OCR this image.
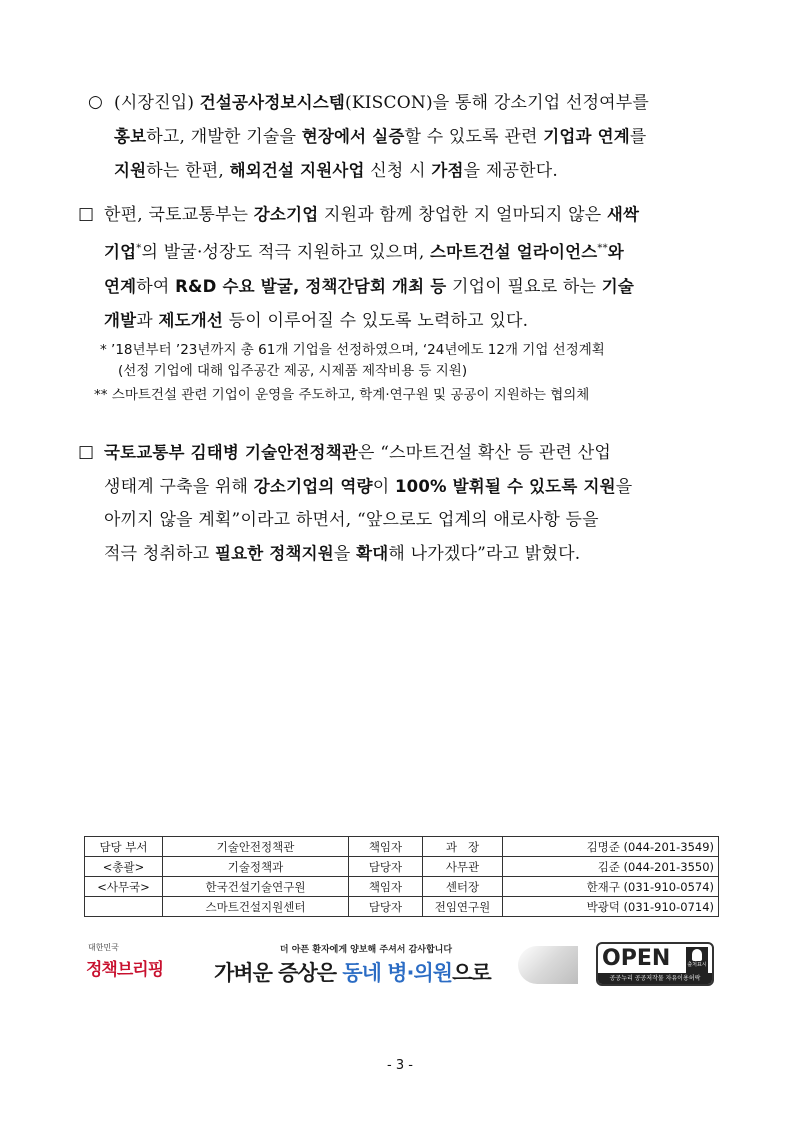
○ (시장진입) 건설공사정보시스템(KISCON)을 통해 강소기업 선정여부를
홍보하고, 개발한 기술을 현장에서 실증할 수 있도록 관련 기업과 연계를
지원하는 한편, 해외건설 지원사업 신청 시 가점을 제공한다.
□ 한편, 국토교통부는 강소기업 지원과 함께 창업한 지 얼마되지 않은 새싹
기업*의 발굴·성장도 적극 지원하고 있으며, 스마트건설 얼라이언스**와
연계하여 R&D 수요 발굴, 정책간담회 개최 등 기업이 필요로 하는 기술
개발과 제도개선 등이 이루어질 수 있도록 노력하고 있다.
* ’18년부터 ’23년까지 총 61개 기업을 선정하였으며, ‘24년에도 12개 기업 선정계획
(선정 기업에 대해 입주공간 제공, 시제품 제작비용 등 지원)
** 스마트건설 관련 기업이 운영을 주도하고, 학계·연구원 및 공공이 지원하는 협의체
□ 국토교통부 김태병 기술안전정책관은 “스마트건설 확산 등 관련 산업
생태계 구축을 위해 강소기업의 역량이 100% 발휘될 수 있도록 지원을
아끼지 않을 계획”이라고 하면서, “앞으로도 업계의 애로사항 등을
적극 청취하고 필요한 정책지원을 확대해 나가겠다”라고 밝혔다.
담당 부서	기술안전정책관	책임자	과   장	김명준 (044-201-3549)
<총괄>	기술정책과	담당자	사무관	김준 (044-201-3550)
<사무국>	한국건설기술연구원	책임자	센터장	한재구 (031-910-0574)
	스마트건설지원센터	담당자	전임연구원	박광덕 (031-910-0714)
대한민국
정책브리핑
더 아픈 환자에게 양보해 주셔서 감사합니다
가벼운 증상은 동네 병·의원으로
OPEN	출처표시
공공누리 공공저작물 자유이용허락
- 3 -
